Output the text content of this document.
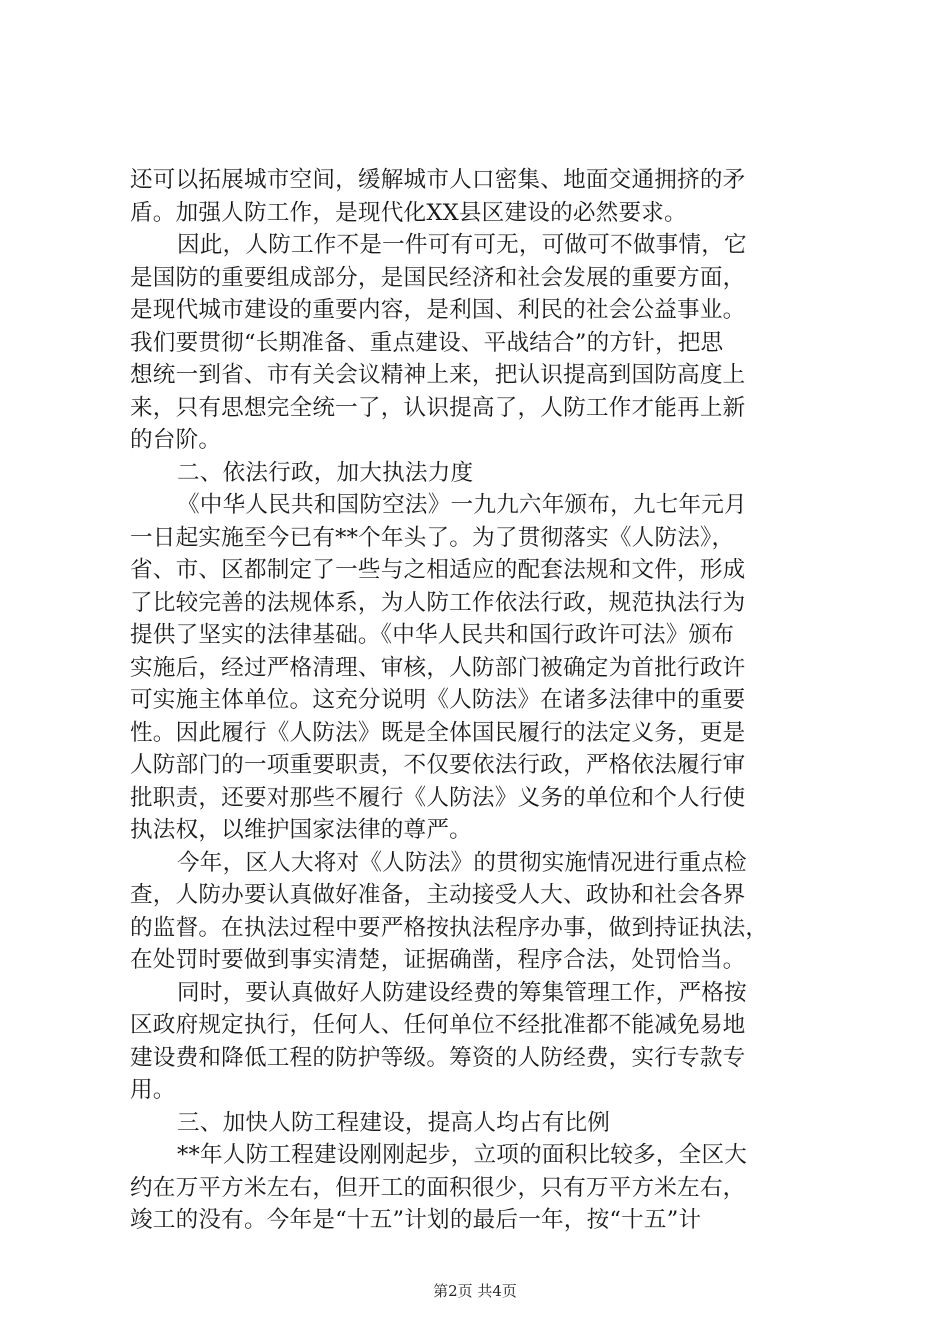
还可以拓展城市空间，缓解城市人口密集、地面交通拥挤的矛
盾。加强人防工作，是现代化XX县区建设的必然要求。
因此，人防工作不是一件可有可无，可做可不做事情，它
是国防的重要组成部分，是国民经济和社会发展的重要方面，
是现代城市建设的重要内容，是利国、利民的社会公益事业。
我们要贯彻“长期准备、重点建设、平战结合”的方针，把思
想统一到省、市有关会议精神上来，把认识提高到国防高度上
来，只有思想完全统一了，认识提高了，人防工作才能再上新
的台阶。
二、依法行政，加大执法力度
《中华人民共和国防空法》一九九六年颁布，九七年元月
一日起实施至今已有**个年头了。为了贯彻落实《人防法》，
省、市、区都制定了一些与之相适应的配套法规和文件，形成
了比较完善的法规体系，为人防工作依法行政，规范执法行为
提供了坚实的法律基础。《中华人民共和国行政许可法》颁布
实施后，经过严格清理、审核，人防部门被确定为首批行政许
可实施主体单位。这充分说明《人防法》在诸多法律中的重要
性。因此履行《人防法》既是全体国民履行的法定义务，更是
人防部门的一项重要职责，不仅要依法行政，严格依法履行审
批职责，还要对那些不履行《人防法》义务的单位和个人行使
执法权，以维护国家法律的尊严。
今年，区人大将对《人防法》的贯彻实施情况进行重点检
查，人防办要认真做好准备，主动接受人大、政协和社会各界
的监督。在执法过程中要严格按执法程序办事，做到持证执法，
在处罚时要做到事实清楚，证据确凿，程序合法，处罚恰当。
同时，要认真做好人防建设经费的筹集管理工作，严格按
区政府规定执行，任何人、任何单位不经批准都不能减免易地
建设费和降低工程的防护等级。筹资的人防经费，实行专款专
用。
三、加快人防工程建设，提高人均占有比例
**年人防工程建设刚刚起步，立项的面积比较多，全区大
约在万平方米左右，但开工的面积很少，只有万平方米左右，
竣工的没有。今年是“十五”计划的最后一年，按“十五”计
第2页 共4页
